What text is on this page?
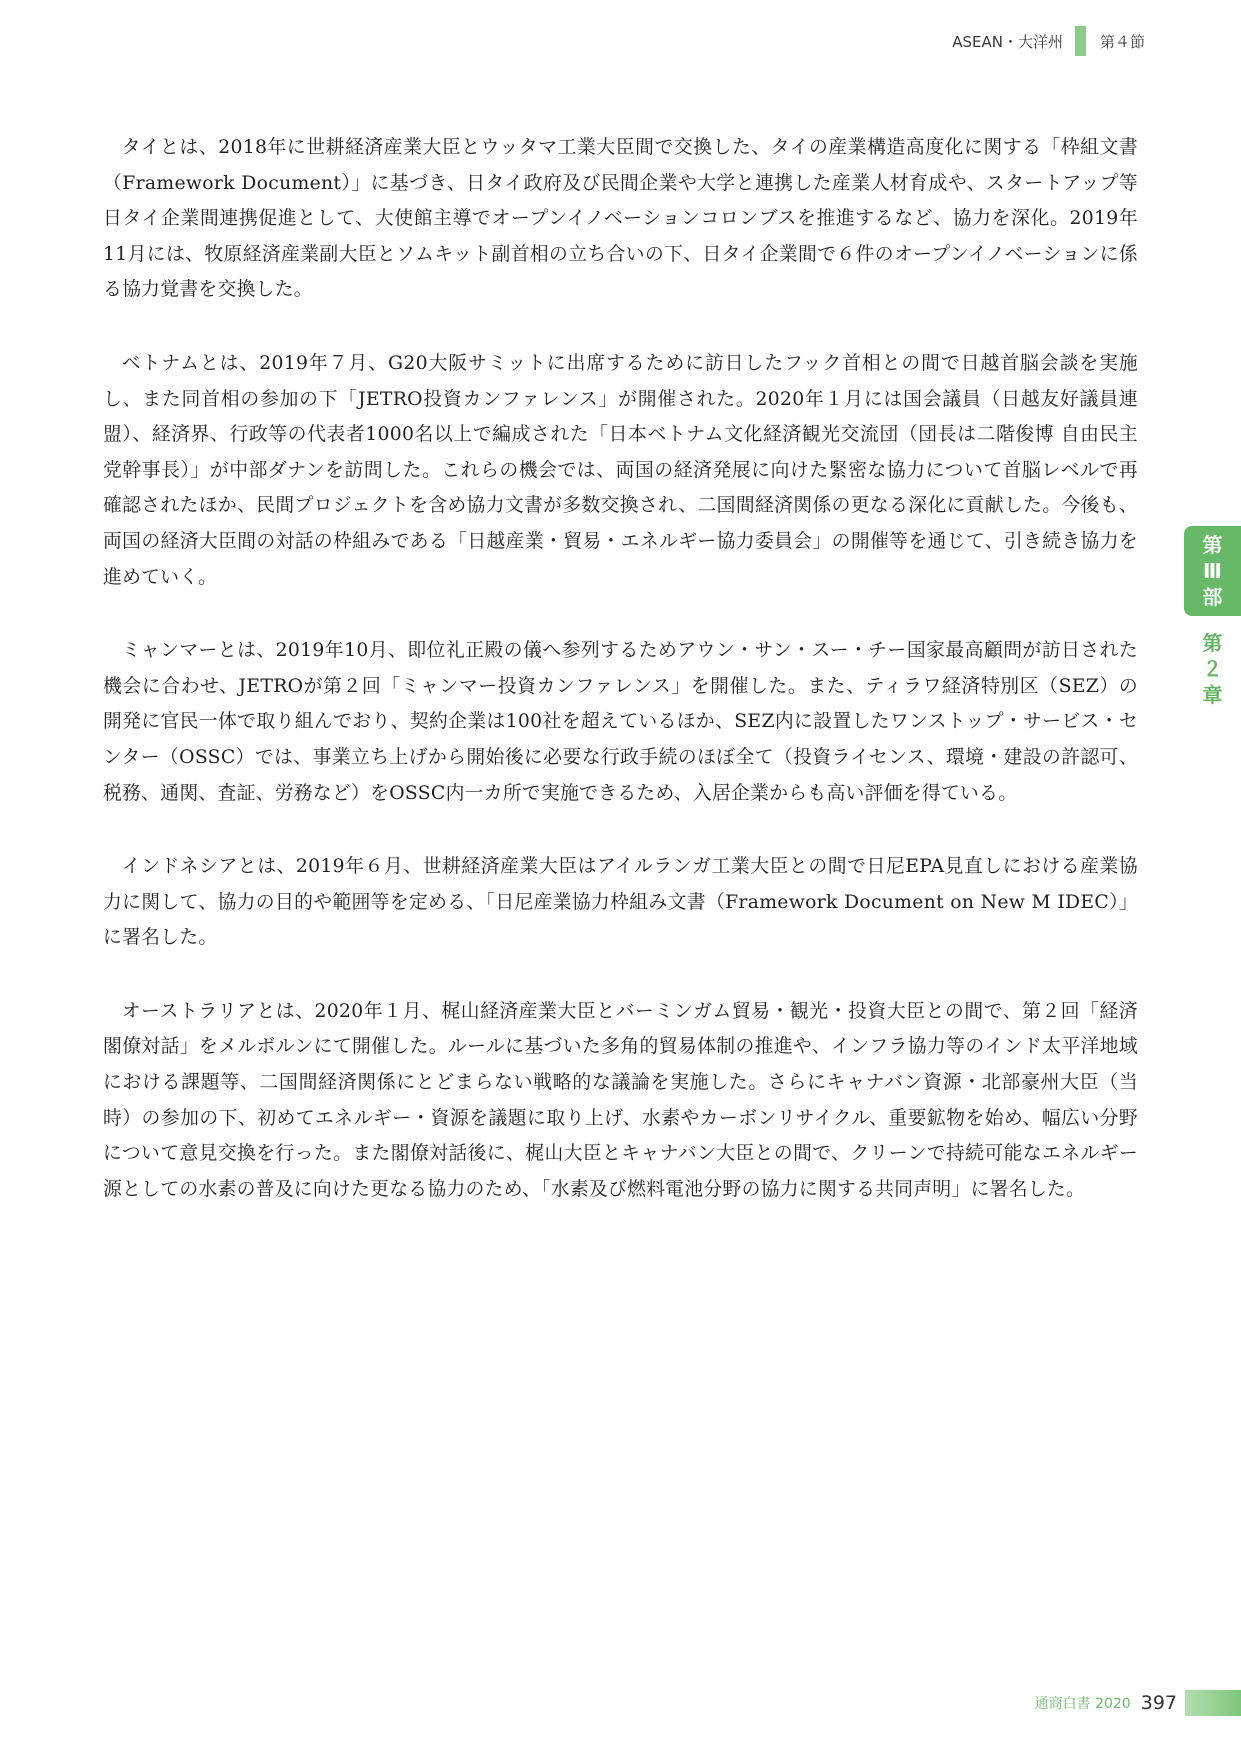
ASEAN・大洋州	第４節

タイとは、2018年に世耕経済産業大臣とウッタマ工業大臣間で交換した、タイの産業構造高度化に関する「枠組文書（Framework Document）」に基づき、日タイ政府及び民間企業や大学と連携した産業人材育成や、スタートアップ等日タイ企業間連携促進として、大使館主導でオープンイノベーションコロンブスを推進するなど、協力を深化。2019年11月には、牧原経済産業副大臣とソムキット副首相の立ち合いの下、日タイ企業間で６件のオープンイノベーションに係る協力覚書を交換した。

ベトナムとは、2019年７月、G20大阪サミットに出席するために訪日したフック首相との間で日越首脳会談を実施し、また同首相の参加の下「JETRO投資カンファレンス」が開催された。2020年１月には国会議員（日越友好議員連盟）、経済界、行政等の代表者1000名以上で編成された「日本ベトナム文化経済観光交流団（団長は二階俊博 自由民主党幹事長）」が中部ダナンを訪問した。これらの機会では、両国の経済発展に向けた緊密な協力について首脳レベルで再確認されたほか、民間プロジェクトを含め協力文書が多数交換され、二国間経済関係の更なる深化に貢献した。今後も、両国の経済大臣間の対話の枠組みである「日越産業・貿易・エネルギー協力委員会」の開催等を通じて、引き続き協力を進めていく。

ミャンマーとは、2019年10月、即位礼正殿の儀へ参列するためアウン・サン・スー・チー国家最高顧問が訪日された機会に合わせ、JETROが第２回「ミャンマー投資カンファレンス」を開催した。また、ティラワ経済特別区（SEZ）の開発に官民一体で取り組んでおり、契約企業は100社を超えているほか、SEZ内に設置したワンストップ・サービス・センター（OSSC）では、事業立ち上げから開始後に必要な行政手続のほぼ全て（投資ライセンス、環境・建設の許認可、税務、通関、査証、労務など）をOSSC内一カ所で実施できるため、入居企業からも高い評価を得ている。

インドネシアとは、2019年６月、世耕経済産業大臣はアイルランガ工業大臣との間で日尼EPA見直しにおける産業協力に関して、協力の目的や範囲等を定める、「日尼産業協力枠組み文書（Framework Document on New M IDEC）」に署名した。

オーストラリアとは、2020年１月、梶山経済産業大臣とバーミンガム貿易・観光・投資大臣との間で、第２回「経済閣僚対話」をメルボルンにて開催した。ルールに基づいた多角的貿易体制の推進や、インフラ協力等のインド太平洋地域における課題等、二国間経済関係にとどまらない戦略的な議論を実施した。さらにキャナバン資源・北部豪州大臣（当時）の参加の下、初めてエネルギー・資源を議題に取り上げ、水素やカーボンリサイクル、重要鉱物を始め、幅広い分野について意見交換を行った。また閣僚対話後に、梶山大臣とキャナバン大臣との間で、クリーンで持続可能なエネルギー源としての水素の普及に向けた更なる協力のため、「水素及び燃料電池分野の協力に関する共同声明」に署名した。

第
Ⅲ
部
第
２
章
通商白書 2020 397
